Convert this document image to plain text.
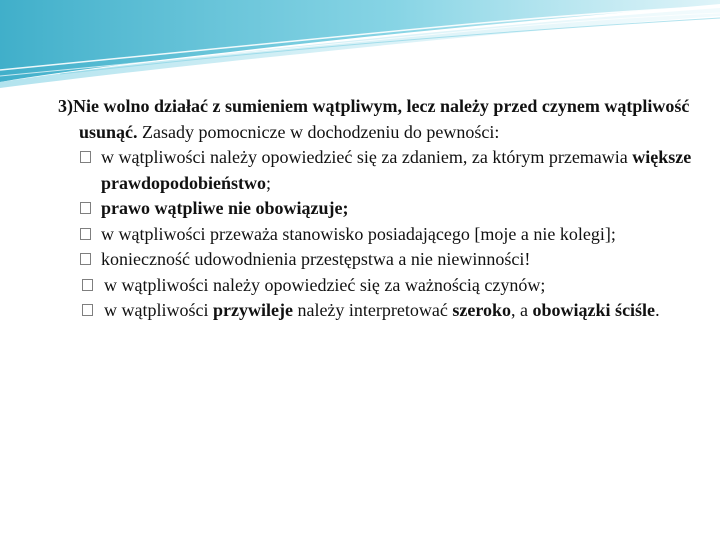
3)Nie wolno działać z sumieniem wątpliwym, lecz należy przed czynem wątpliwość usunąć. Zasady pomocnicze w dochodzeniu do pewności:

w wątpliwości należy opowiedzieć się za zdaniem, za którym przemawia większe prawdopodobieństwo;
prawo wątpliwe nie obowiązuje;
w wątpliwości przeważa stanowisko posiadającego [moje a nie kolegi];
konieczność udowodnienia przestępstwa a nie niewinności!
w wątpliwości należy opowiedzieć się za ważnością czynów;
w wątpliwości przywileje należy interpretować szeroko, a obowiązki ściśle.
